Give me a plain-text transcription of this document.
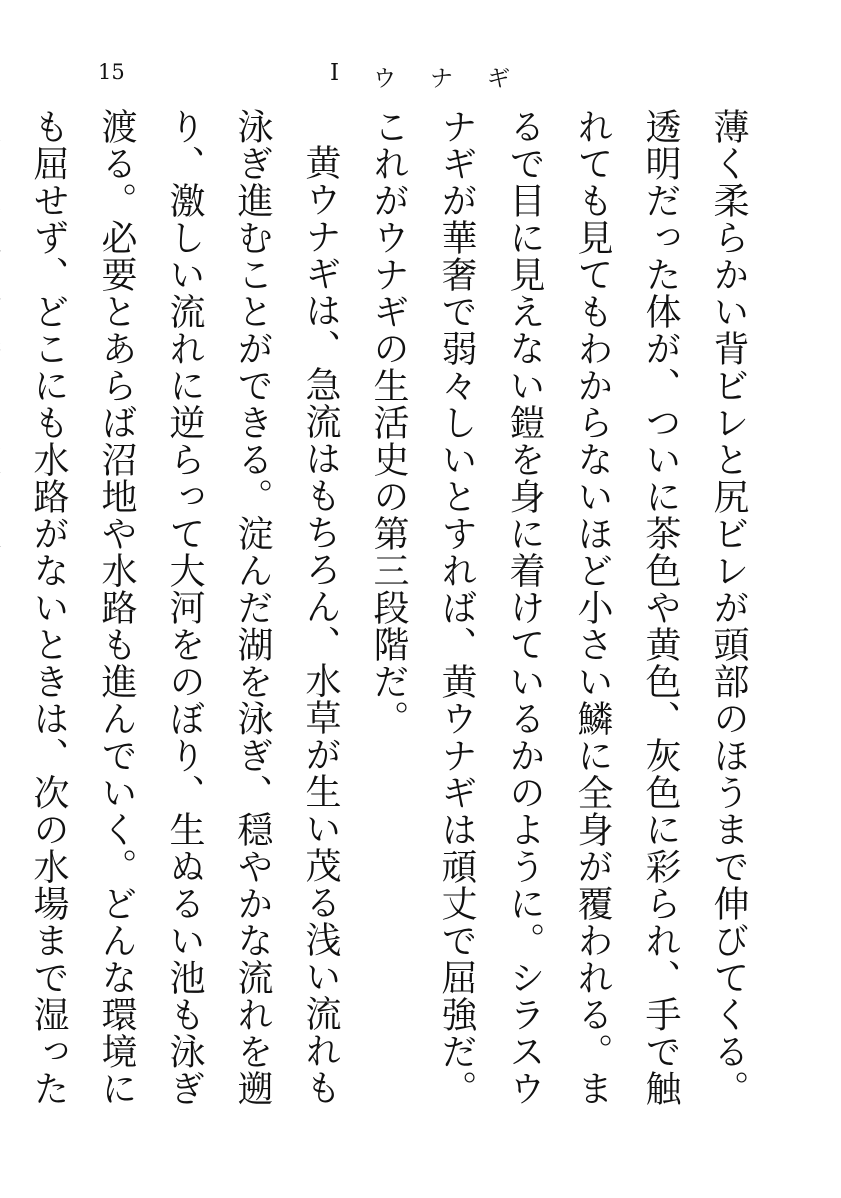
15	Ⅰ ウ ナ ギ

薄く柔らかい背ビレと尻ビレが頭部のほうまで伸びてくる。透明だった体が、ついに茶色や黄色、灰色に彩られ、手で触れても見てもわからないほど小さい鱗に全身が覆われる。まるで目に見えない鎧を身に着けているかのように。シラスウナギが華奢で弱々しいとすれば、黄ウナギは頑丈で屈強だ。これがウナギの生活史の第三段階だ。

黄ウナギは、急流はもちろん、水草が生い茂る浅い流れも泳ぎ進むことができる。淀んだ湖を泳ぎ、穏やかな流れを遡り、激しい流れに逆らって大河をのぼり、生ぬるい池も泳ぎ渡る。必要とあらば沼地や水路も進んでいく。どんな環境にも屈せず、どこにも水路がないときは、次の水場まで湿った
